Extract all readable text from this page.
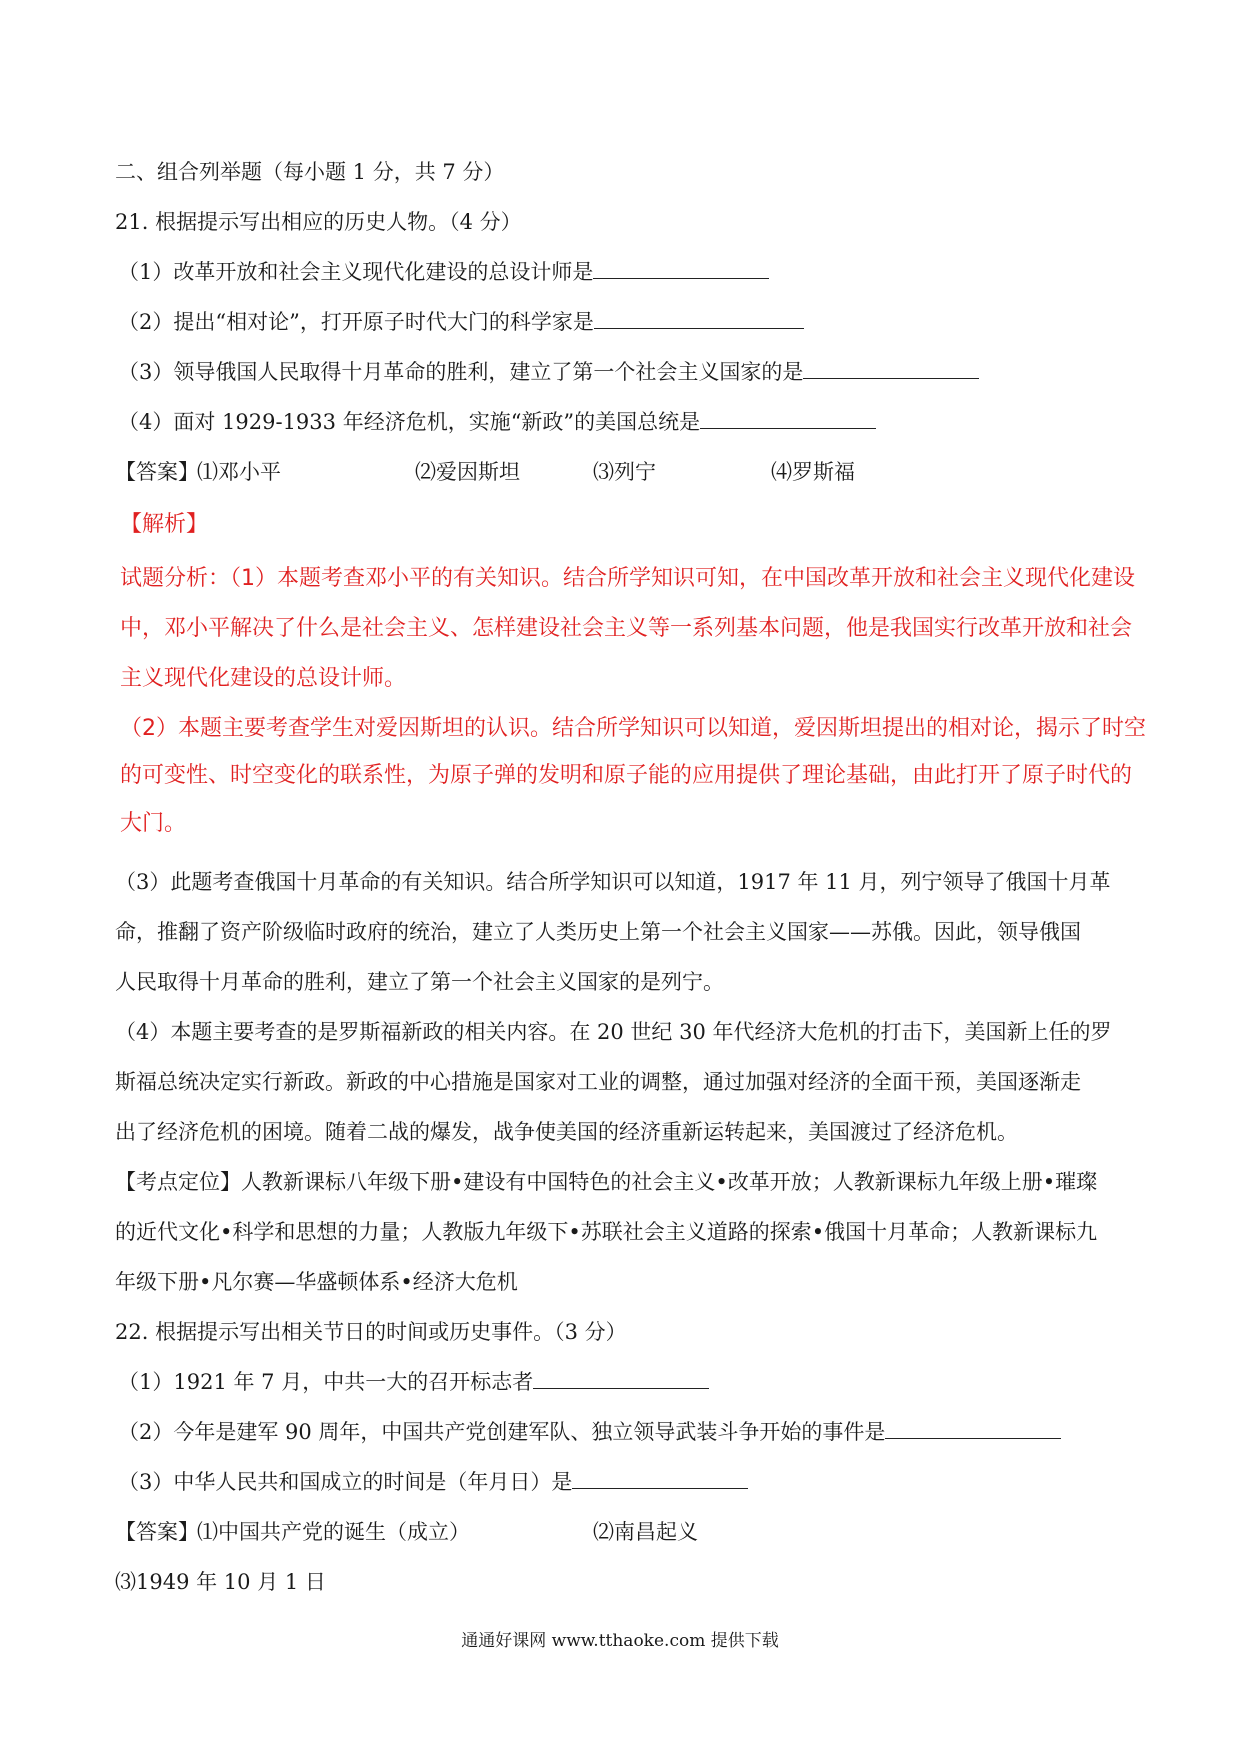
二、组合列举题（每小题 1 分，共 7 分）
21. 根据提示写出相应的历史人物。（4 分）
（1）改革开放和社会主义现代化建设的总设计师是
（2）提出“相对论”，打开原子时代大门的科学家是
（3）领导俄国人民取得十月革命的胜利，建立了第一个社会主义国家的是
（4）面对 1929-1933 年经济危机，实施“新政”的美国总统是
【答案】
⑴邓小平	⑵爱因斯坦	⑶列宁	⑷罗斯福
【解析】
试题分析：（1）本题考查邓小平的有关知识。结合所学知识可知，在中国改革开放和社会主义现代化建设
中，邓小平解决了什么是社会主义、怎样建设社会主义等一系列基本问题，他是我国实行改革开放和社会
主义现代化建设的总设计师。
（2）本题主要考查学生对爱因斯坦的认识。结合所学知识可以知道，爱因斯坦提出的相对论，揭示了时空
的可变性、时空变化的联系性，为原子弹的发明和原子能的应用提供了理论基础，由此打开了原子时代的
大门。
（3）此题考查俄国十月革命的有关知识。结合所学知识可以知道，1917 年 11 月，列宁领导了俄国十月革
命，推翻了资产阶级临时政府的统治，建立了人类历史上第一个社会主义国家——苏俄。因此，领导俄国
人民取得十月革命的胜利，建立了第一个社会主义国家的是列宁。
（4）本题主要考查的是罗斯福新政的相关内容。在 20 世纪 30 年代经济大危机的打击下，美国新上任的罗
斯福总统决定实行新政。新政的中心措施是国家对工业的调整，通过加强对经济的全面干预，美国逐渐走
出了经济危机的困境。随着二战的爆发，战争使美国的经济重新运转起来，美国渡过了经济危机。
【考点定位】人教新课标八年级下册•建设有中国特色的社会主义•改革开放；人教新课标九年级上册•璀璨
的近代文化•科学和思想的力量；人教版九年级下•苏联社会主义道路的探索•俄国十月革命；人教新课标九
年级下册•凡尔赛—华盛顿体系•经济大危机
22. 根据提示写出相关节日的时间或历史事件。（3 分）
（1）1921 年 7 月，中共一大的召开标志者
（2）今年是建军 90 周年，中国共产党创建军队、独立领导武装斗争开始的事件是
（3）中华人民共和国成立的时间是（年月日）是
【答案】
⑴中国共产党的诞生（成立）	⑵南昌起义
⑶1949 年 10 月 1 日
通通好课网 www.tthaoke.com 提供下载
